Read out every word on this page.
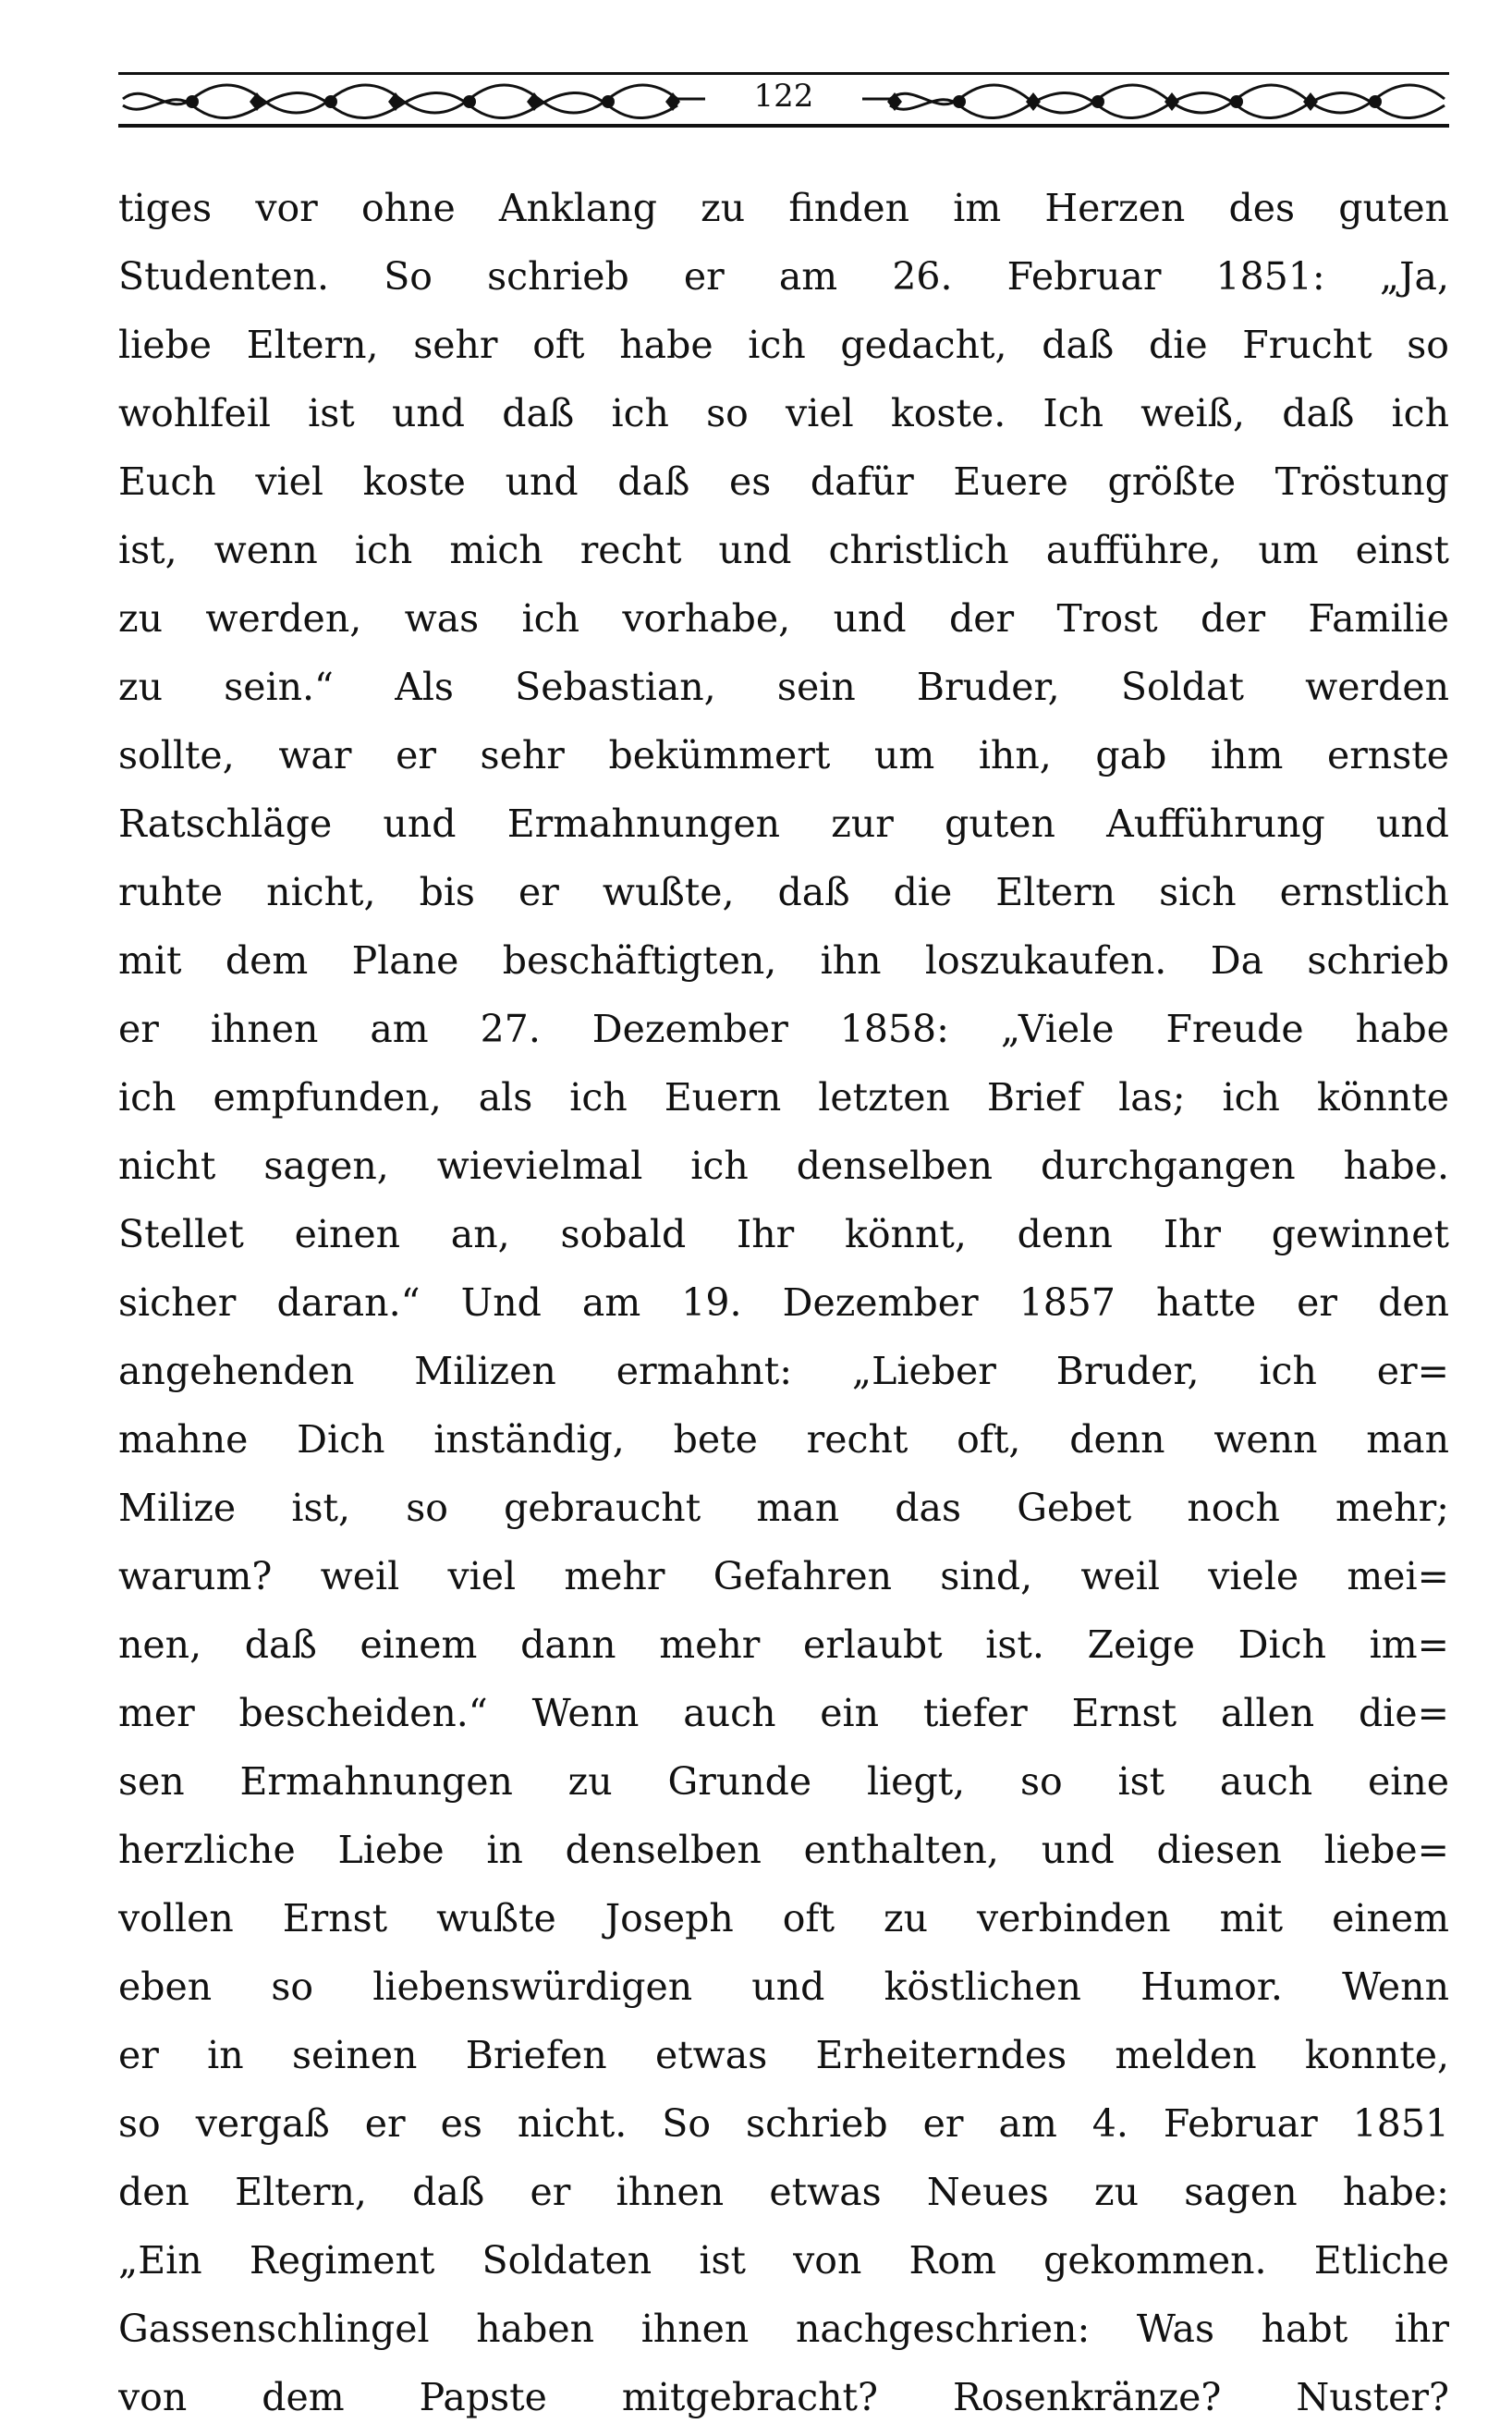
122
tiges vor ohne Anklang zu finden im Herzen des guten
Studenten. So schrieb er am 26. Februar 1851: „Ja,
liebe Eltern, sehr oft habe ich gedacht, daß die Frucht so
wohlfeil ist und daß ich so viel koste. Ich weiß, daß ich
Euch viel koste und daß es dafür Euere größte Tröstung
ist, wenn ich mich recht und christlich aufführe, um einst
zu werden, was ich vorhabe, und der Trost der Familie
zu sein.“ Als Sebastian, sein Bruder, Soldat werden
sollte, war er sehr bekümmert um ihn, gab ihm ernste
Ratschläge und Ermahnungen zur guten Aufführung und
ruhte nicht, bis er wußte, daß die Eltern sich ernstlich
mit dem Plane beschäftigten, ihn loszukaufen. Da schrieb
er ihnen am 27. Dezember 1858: „Viele Freude habe
ich empfunden, als ich Euern letzten Brief las; ich könnte
nicht sagen, wievielmal ich denselben durchgangen habe.
Stellet einen an, sobald Ihr könnt, denn Ihr gewinnet
sicher daran.“ Und am 19. Dezember 1857 hatte er den
angehenden Milizen ermahnt: „Lieber Bruder, ich er=
mahne Dich inständig, bete recht oft, denn wenn man
Milize ist, so gebraucht man das Gebet noch mehr;
warum? weil viel mehr Gefahren sind, weil viele mei=
nen, daß einem dann mehr erlaubt ist. Zeige Dich im=
mer bescheiden.“ Wenn auch ein tiefer Ernst allen die=
sen Ermahnungen zu Grunde liegt, so ist auch eine
herzliche Liebe in denselben enthalten, und diesen liebe=
vollen Ernst wußte Joseph oft zu verbinden mit einem
eben so liebenswürdigen und köstlichen Humor. Wenn
er in seinen Briefen etwas Erheiterndes melden konnte,
so vergaß er es nicht. So schrieb er am 4. Februar 1851
den Eltern, daß er ihnen etwas Neues zu sagen habe:
„Ein Regiment Soldaten ist von Rom gekommen. Etliche
Gassenschlingel haben ihnen nachgeschrien: Was habt ihr
von dem Papste mitgebracht? Rosenkränze? Nuster?
